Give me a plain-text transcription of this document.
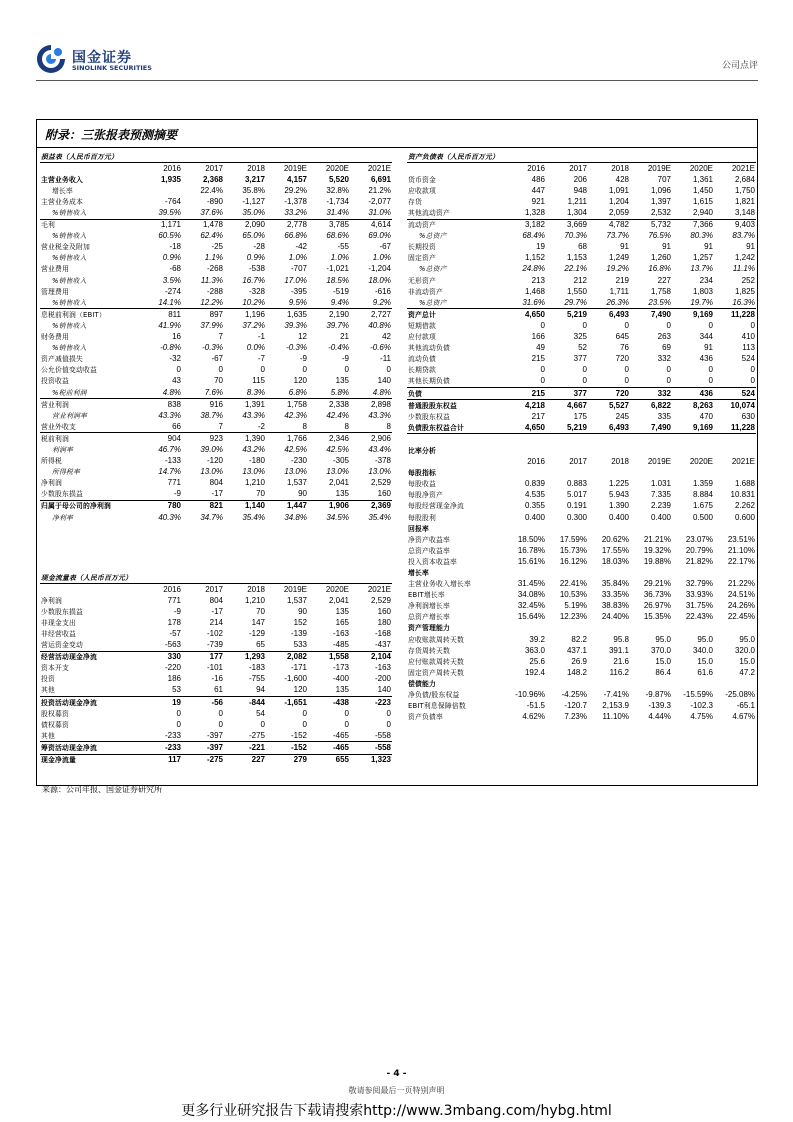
国金证券
SINOLINK SECURITIES	公司点评
附录：三张报表预测摘要
损益表（人民币百万元）						
	2016	2017	2018	2019E	2020E	2021E
主营业务收入	1,935	2,368	3,217	4,157	5,520	6,691
增长率		22.4%	35.8%	29.2%	32.8%	21.2%
主营业务成本	-764	-890	-1,127	-1,378	-1,734	-2,077
%销售收入	39.5%	37.6%	35.0%	33.2%	31.4%	31.0%
毛利	1,171	1,478	2,090	2,778	3,785	4,614
%销售收入	60.5%	62.4%	65.0%	66.8%	68.6%	69.0%
营业税金及附加	-18	-25	-28	-42	-55	-67
%销售收入	0.9%	1.1%	0.9%	1.0%	1.0%	1.0%
营业费用	-68	-268	-538	-707	-1,021	-1,204
%销售收入	3.5%	11.3%	16.7%	17.0%	18.5%	18.0%
管理费用	-274	-288	-328	-395	-519	-616
%销售收入	14.1%	12.2%	10.2%	9.5%	9.4%	9.2%
息税前利润（EBIT）	811	897	1,196	1,635	2,190	2,727
%销售收入	41.9%	37.9%	37.2%	39.3%	39.7%	40.8%
财务费用	16	7	-1	12	21	42
%销售收入	-0.8%	-0.3%	0.0%	-0.3%	-0.4%	-0.6%
资产减值损失	-32	-67	-7	-9	-9	-11
公允价值变动收益	0	0	0	0	0	0
投资收益	43	70	115	120	135	140
%税前利润	4.8%	7.6%	8.3%	6.8%	5.8%	4.8%
营业利润	838	916	1,391	1,758	2,338	2,898
营业利润率	43.3%	38.7%	43.3%	42.3%	42.4%	43.3%
营业外收支	66	7	-2	8	8	8
税前利润	904	923	1,390	1,766	2,346	2,906
利润率	46.7%	39.0%	43.2%	42.5%	42.5%	43.4%
所得税	-133	-120	-180	-230	-305	-378
所得税率	14.7%	13.0%	13.0%	13.0%	13.0%	13.0%
净利润	771	804	1,210	1,537	2,041	2,529
少数股东损益	-9	-17	70	90	135	160
归属于母公司的净利润	780	821	1,140	1,447	1,906	2,369
净利率	40.3%	34.7%	35.4%	34.8%	34.5%	35.4%
现金流量表（人民币百万元）						
	2016	2017	2018	2019E	2020E	2021E
净利润	771	804	1,210	1,537	2,041	2,529
少数股东损益	-9	-17	70	90	135	160
非现金支出	178	214	147	152	165	180
非经营收益	-57	-102	-129	-139	-163	-168
营运资金变动	-563	-739	65	533	-485	-437
经营活动现金净流	330	177	1,293	2,082	1,558	2,104
资本开支	-220	-101	-183	-171	-173	-163
投资	186	-16	-755	-1,600	-400	-200
其他	53	61	94	120	135	140
投资活动现金净流	19	-56	-844	-1,651	-438	-223
股权募资	0	0	54	0	0	0
债权募资	0	0	0	0	0	0
其他	-233	-397	-275	-152	-465	-558
筹资活动现金净流	-233	-397	-221	-152	-465	-558
现金净流量	117	-275	227	279	655	1,323
资产负债表（人民币百万元）						
	2016	2017	2018	2019E	2020E	2021E
货币资金	486	206	428	707	1,361	2,684
应收款项	447	948	1,091	1,096	1,450	1,750
存货	921	1,211	1,204	1,397	1,615	1,821
其他流动资产	1,328	1,304	2,059	2,532	2,940	3,148
流动资产	3,182	3,669	4,782	5,732	7,366	9,403
%总资产	68.4%	70.3%	73.7%	76.5%	80.3%	83.7%
长期投资	19	68	91	91	91	91
固定资产	1,152	1,153	1,249	1,260	1,257	1,242
%总资产	24.8%	22.1%	19.2%	16.8%	13.7%	11.1%
无形资产	213	212	219	227	234	252
非流动资产	1,468	1,550	1,711	1,758	1,803	1,825
%总资产	31.6%	29.7%	26.3%	23.5%	19.7%	16.3%
资产总计	4,650	5,219	6,493	7,490	9,169	11,228
短期借款	0	0	0	0	0	0
应付款项	166	325	645	263	344	410
其他流动负债	49	52	76	69	91	113
流动负债	215	377	720	332	436	524
长期贷款	0	0	0	0	0	0
其他长期负债	0	0	0	0	0	0
负债	215	377	720	332	436	524
普通股股东权益	4,218	4,667	5,527	6,822	8,263	10,074
少数股东权益	217	175	245	335	470	630
负债股东权益合计	4,650	5,219	6,493	7,490	9,169	11,228

比率分析						
	2016	2017	2018	2019E	2020E	2021E
每股指标						
每股收益	0.839	0.883	1.225	1.031	1.359	1.688
每股净资产	4.535	5.017	5.943	7.335	8.884	10.831
每股经营现金净流	0.355	0.191	1.390	2.239	1.675	2.262
每股股利	0.400	0.300	0.400	0.400	0.500	0.600
回报率						
净资产收益率	18.50%	17.59%	20.62%	21.21%	23.07%	23.51%
总资产收益率	16.78%	15.73%	17.55%	19.32%	20.79%	21.10%
投入资本收益率	15.61%	16.12%	18.03%	19.88%	21.82%	22.17%
增长率						
主营业务收入增长率	31.45%	22.41%	35.84%	29.21%	32.79%	21.22%
EBIT增长率	34.08%	10.53%	33.35%	36.73%	33.93%	24.51%
净利润增长率	32.45%	5.19%	38.83%	26.97%	31.75%	24.26%
总资产增长率	15.64%	12.23%	24.40%	15.35%	22.43%	22.45%
资产管理能力						
应收账款周转天数	39.2	82.2	95.8	95.0	95.0	95.0
存货周转天数	363.0	437.1	391.1	370.0	340.0	320.0
应付账款周转天数	25.6	26.9	21.6	15.0	15.0	15.0
固定资产周转天数	192.4	148.2	116.2	86.4	61.6	47.2
偿债能力						
净负债/股东权益	-10.96%	-4.25%	-7.41%	-9.87%	-15.59%	-25.08%
EBIT利息保障倍数	-51.5	-120.7	2,153.9	-139.3	-102.3	-65.1
资产负债率	4.62%	7.23%	11.10%	4.44%	4.75%	4.67%
来源：公司年报、国金证券研究所
- 4 -
敬请参阅最后一页特别声明
更多行业研究报告下载请搜索http://www.3mbang.com/hybg.html
